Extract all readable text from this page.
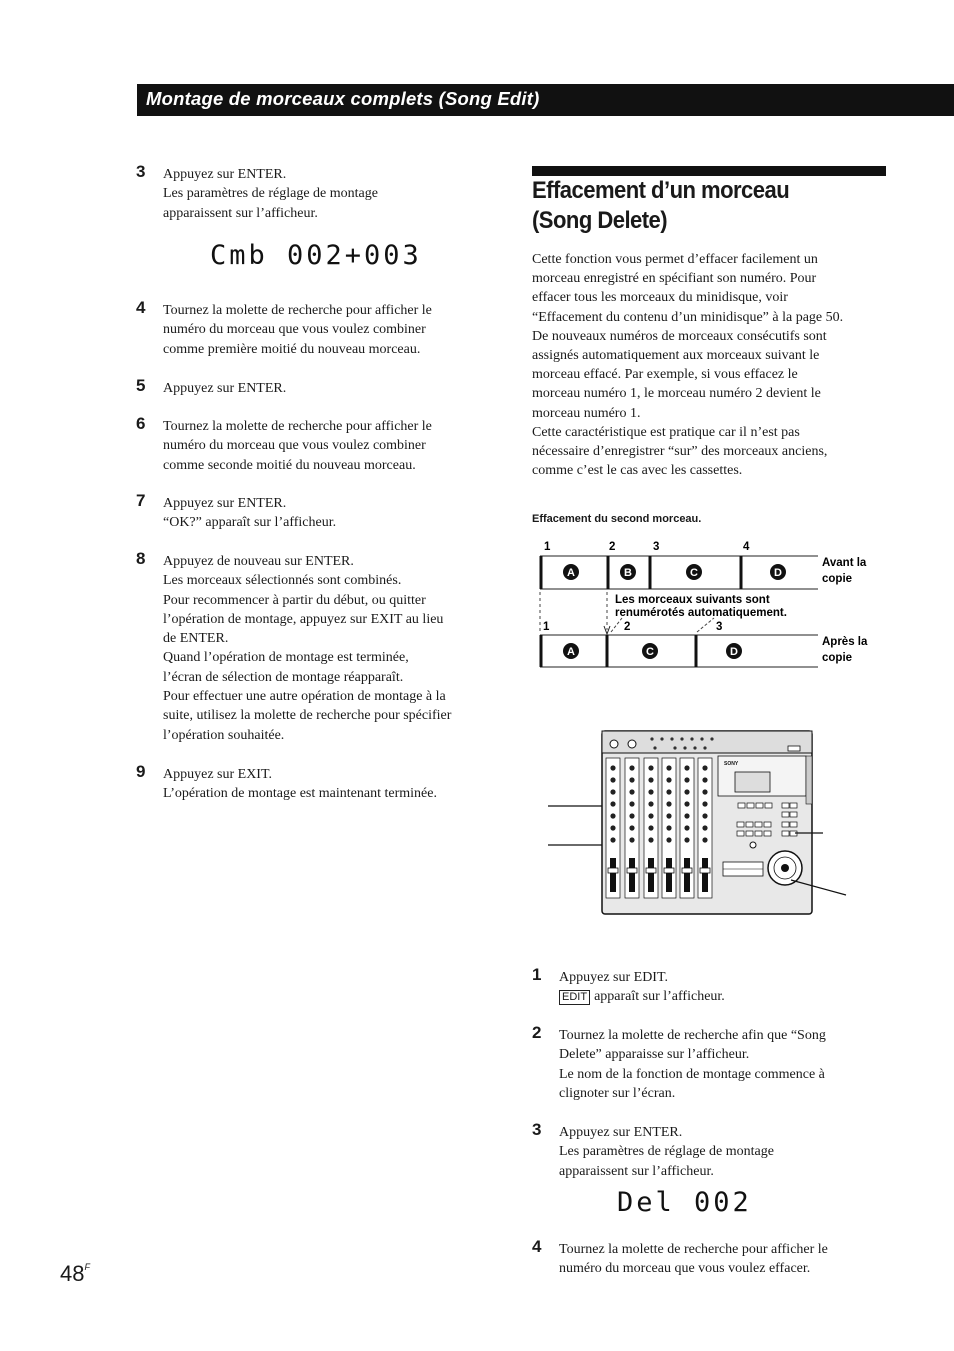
Montage de morceaux complets (Song Edit)
3 Appuyez sur ENTER.
Les paramètres de réglage de montage
apparaissent sur l’afficheur.
Cmb 002+003
4 Tournez la molette de recherche pour afficher le
numéro du morceau que vous voulez combiner
comme première moitié du nouveau morceau.
5 Appuyez sur ENTER.
6 Tournez la molette de recherche pour afficher le
numéro du morceau que vous voulez combiner
comme seconde moitié du nouveau morceau.
7 Appuyez sur ENTER.
“OK?” apparaît sur l’afficheur.
8 Appuyez de nouveau sur ENTER.
Les morceaux sélectionnés sont combinés.
Pour recommencer à partir du début, ou quitter
l’opération de montage, appuyez sur EXIT au lieu
de ENTER.
Quand l’opération de montage est terminée,
l’écran de sélection de montage réapparaît.
Pour effectuer une autre opération de montage à la
suite, utilisez la molette de recherche pour spécifier
l’opération souhaitée.
9 Appuyez sur EXIT.
L’opération de montage est maintenant terminée.
Effacement d’un morceau
(Song Delete)
Cette fonction vous permet d’effacer facilement un
morceau enregistré en spécifiant son numéro. Pour
effacer tous les morceaux du minidisque, voir
“Effacement du contenu d’un minidisque” à la page 50.
De nouveaux numéros de morceaux consécutifs sont
assignés automatiquement aux morceaux suivant le
morceau effacé. Par exemple, si vous effacez le
morceau numéro 1, le morceau numéro 2 devient le
morceau numéro 1.
Cette caractéristique est pratique car il n’est pas
nécessaire d’enregistrer “sur” des morceaux anciens,
comme c’est le cas avec les cassettes.
Effacement du second morceau.
1	2	3	4
A	B	C	D
Avant la
copie
Les morceaux suivants sont
renumérotés automatiquement.
1	2	3
A	C	D
Après la
copie
SONY
1 Appuyez sur EDIT.
EDIT apparaît sur l’afficheur.
2 Tournez la molette de recherche afin que “Song
Delete” apparaisse sur l’afficheur.
Le nom de la fonction de montage commence à
clignoter sur l’écran.
3 Appuyez sur ENTER.
Les paramètres de réglage de montage
apparaissent sur l’afficheur.
Del 002
4 Tournez la molette de recherche pour afficher le
numéro du morceau que vous voulez effacer.
$48^F$
